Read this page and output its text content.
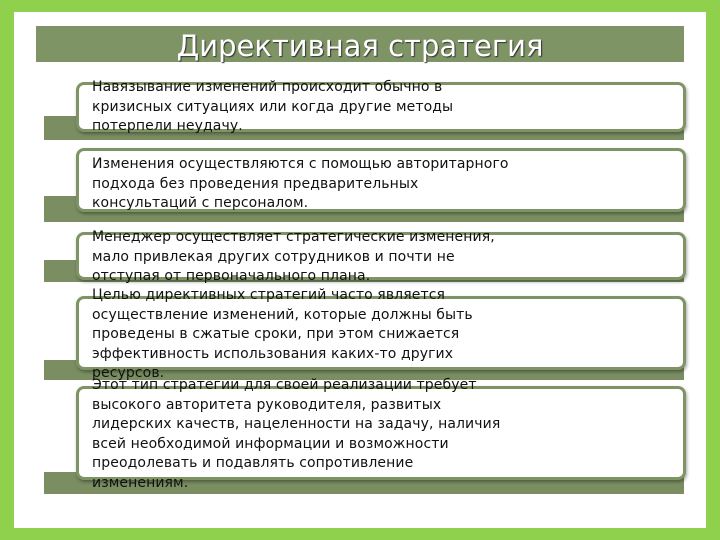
Директивная стратегия
Навязывание изменений происходит обычно в кризисных ситуациях или когда другие методы потерпели неудачу.
Изменения осуществляются с помощью авторитарного подхода без проведения предварительных консультаций с персоналом.
Менеджер осуществляет стратегические изменения, мало привлекая других сотрудников и почти не отступая от первоначального плана.
Целью директивных стратегий часто является осуществление изменений, которые должны быть проведены в сжатые сроки, при этом снижается эффективность использования каких-то других ресурсов.
Этот тип стратегии для своей реализации требует высокого авторитета руководителя, развитых лидерских качеств, нацеленности на задачу, наличия всей необходимой информации и возможности преодолевать и подавлять сопротивление изменениям.
